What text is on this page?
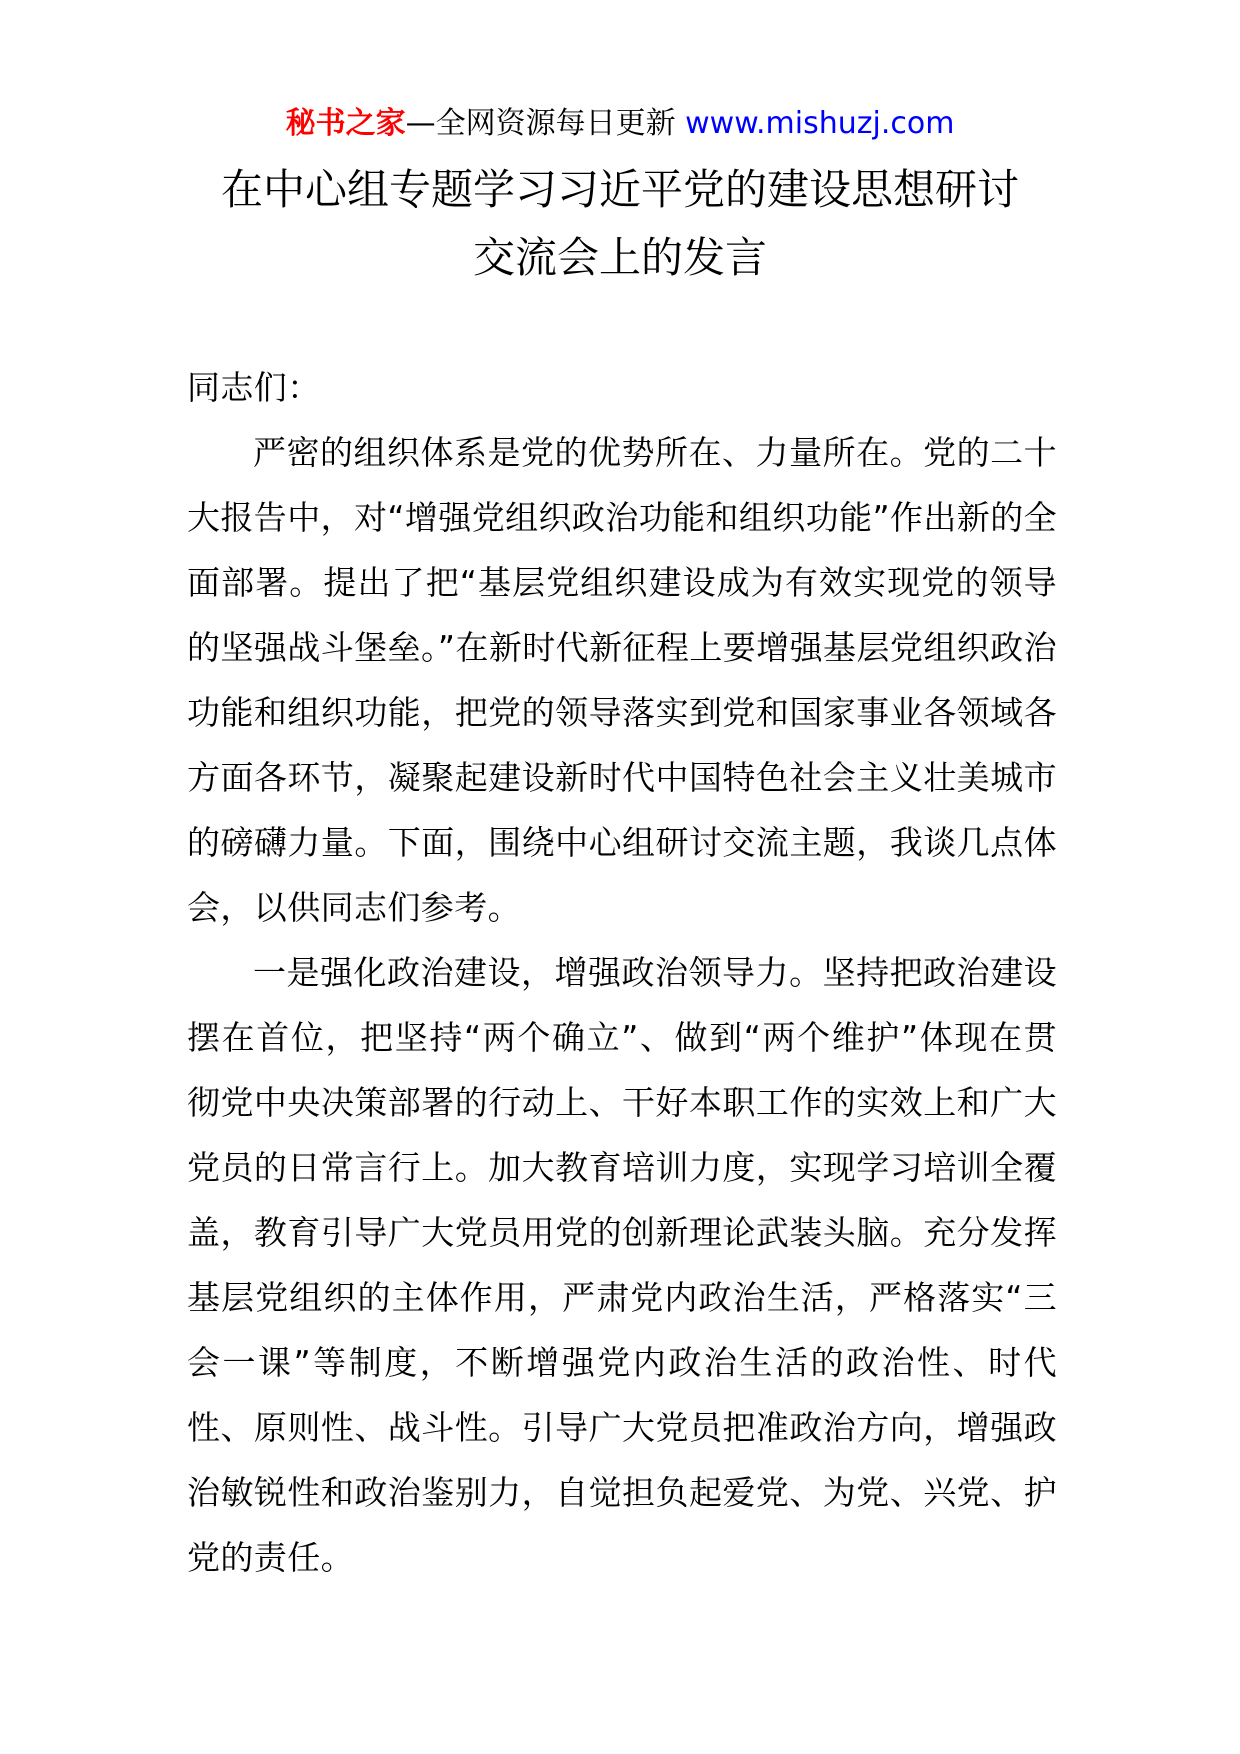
秘书之家—全网资源每日更新 www.mishuzj.com
在中心组专题学习习近平党的建设思想研讨
交流会上的发言
同志们：
严密的组织体系是党的优势所在、力量所在。党的二十大报告中，对“增强党组织政治功能和组织功能”作出新的全面部署。提出了把“基层党组织建设成为有效实现党的领导的坚强战斗堡垒。”在新时代新征程上要增强基层党组织政治功能和组织功能，把党的领导落实到党和国家事业各领域各方面各环节，凝聚起建设新时代中国特色社会主义壮美城市的磅礴力量。下面，围绕中心组研讨交流主题，我谈几点体会，以供同志们参考。
一是强化政治建设，增强政治领导力。坚持把政治建设摆在首位，把坚持“两个确立”、做到“两个维护”体现在贯彻党中央决策部署的行动上、干好本职工作的实效上和广大党员的日常言行上。加大教育培训力度，实现学习培训全覆盖，教育引导广大党员用党的创新理论武装头脑。充分发挥基层党组织的主体作用，严肃党内政治生活，严格落实“三会一课”等制度，不断增强党内政治生活的政治性、时代性、原则性、战斗性。引导广大党员把准政治方向，增强政治敏锐性和政治鉴别力，自觉担负起爱党、为党、兴党、护党的责任。
